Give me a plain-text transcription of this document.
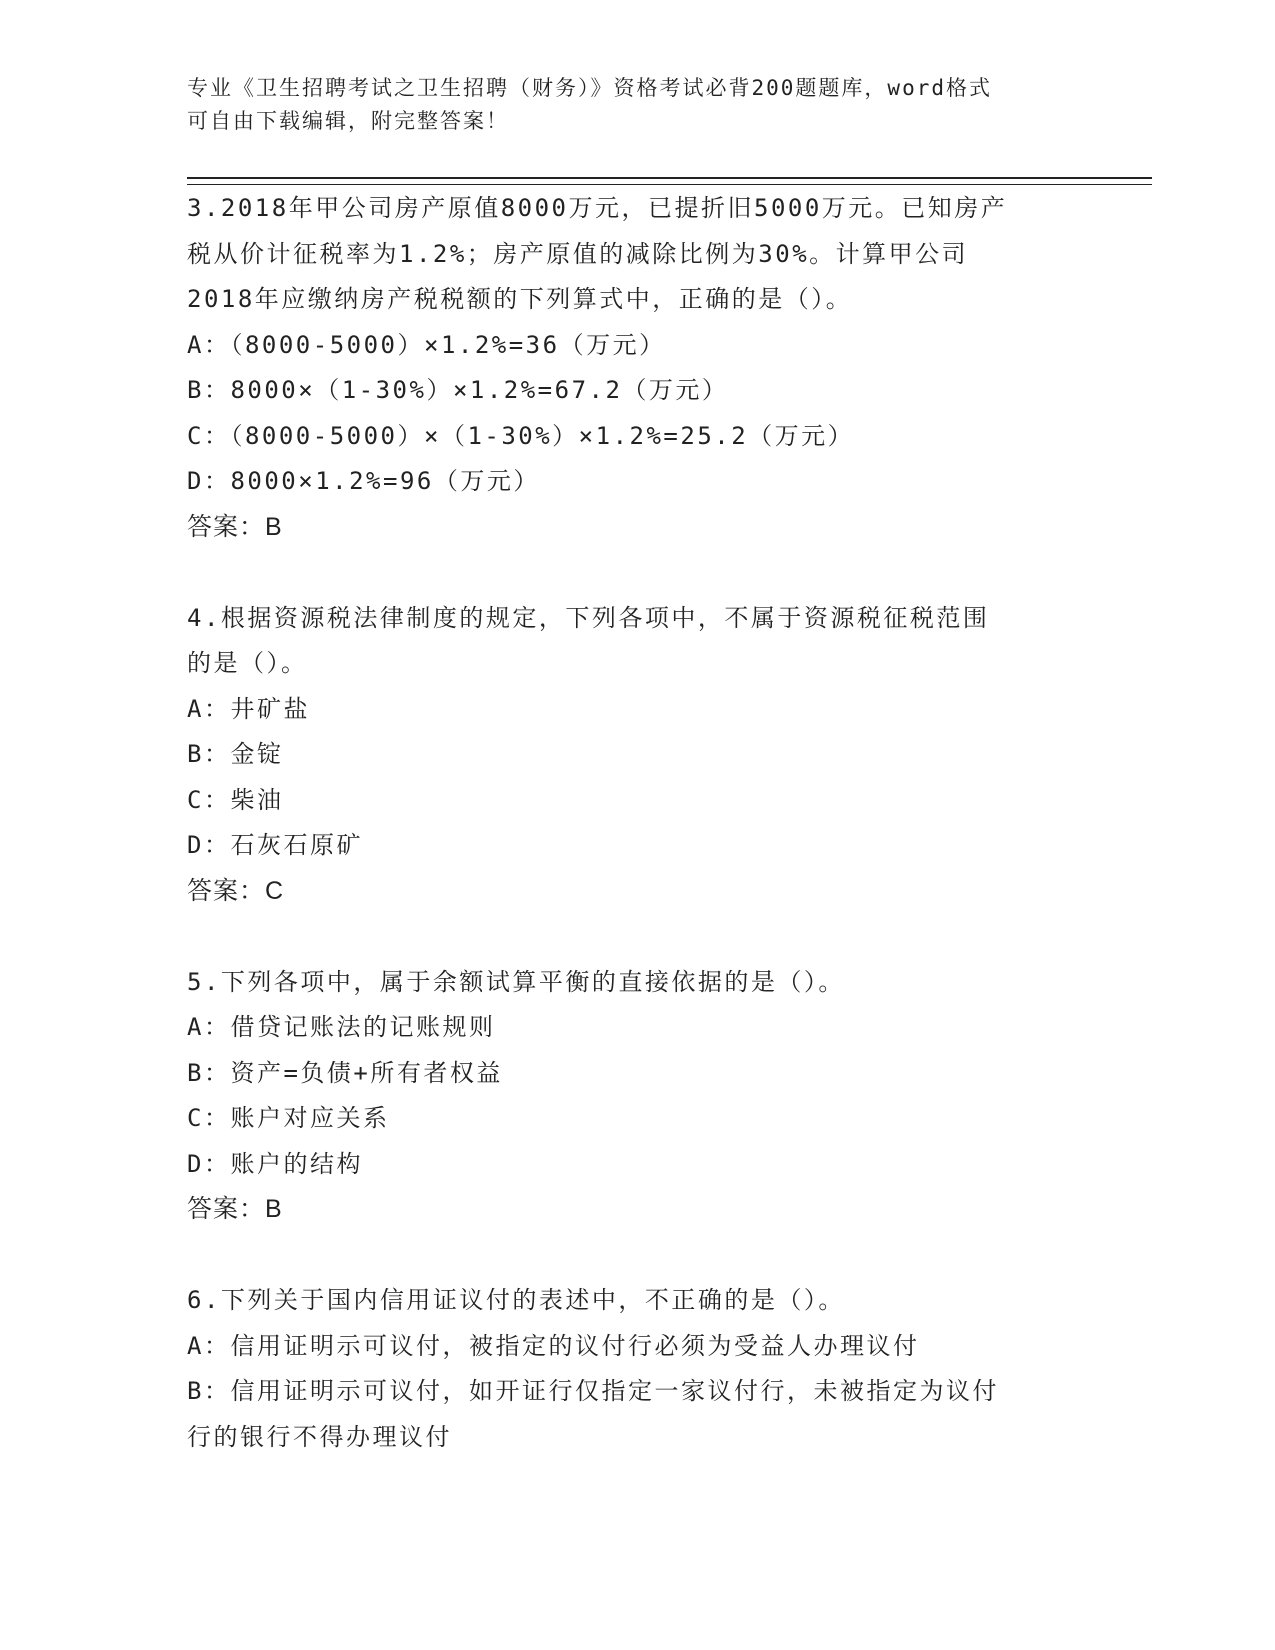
专业《卫生招聘考试之卫生招聘（财务）》资格考试必背200题题库，word格式
可自由下载编辑，附完整答案！
3.2018年甲公司房产原值8000万元，已提折旧5000万元。已知房产
税从价计征税率为1.2%；房产原值的减除比例为30%。计算甲公司
2018年应缴纳房产税税额的下列算式中，正确的是（）。
A：（8000-5000）×1.2%=36（万元）
B：8000×（1-30%）×1.2%=67.2（万元）
C：（8000-5000）×（1-30%）×1.2%=25.2（万元）
D：8000×1.2%=96（万元）
答案：B
4.根据资源税法律制度的规定，下列各项中，不属于资源税征税范围
的是（）。
A：井矿盐
B：金锭
C：柴油
D：石灰石原矿
答案：C
5.下列各项中，属于余额试算平衡的直接依据的是（）。
A：借贷记账法的记账规则
B：资产=负债+所有者权益
C：账户对应关系
D：账户的结构
答案：B
6.下列关于国内信用证议付的表述中，不正确的是（）。
A：信用证明示可议付，被指定的议付行必须为受益人办理议付
B：信用证明示可议付，如开证行仅指定一家议付行，未被指定为议付
行的银行不得办理议付
